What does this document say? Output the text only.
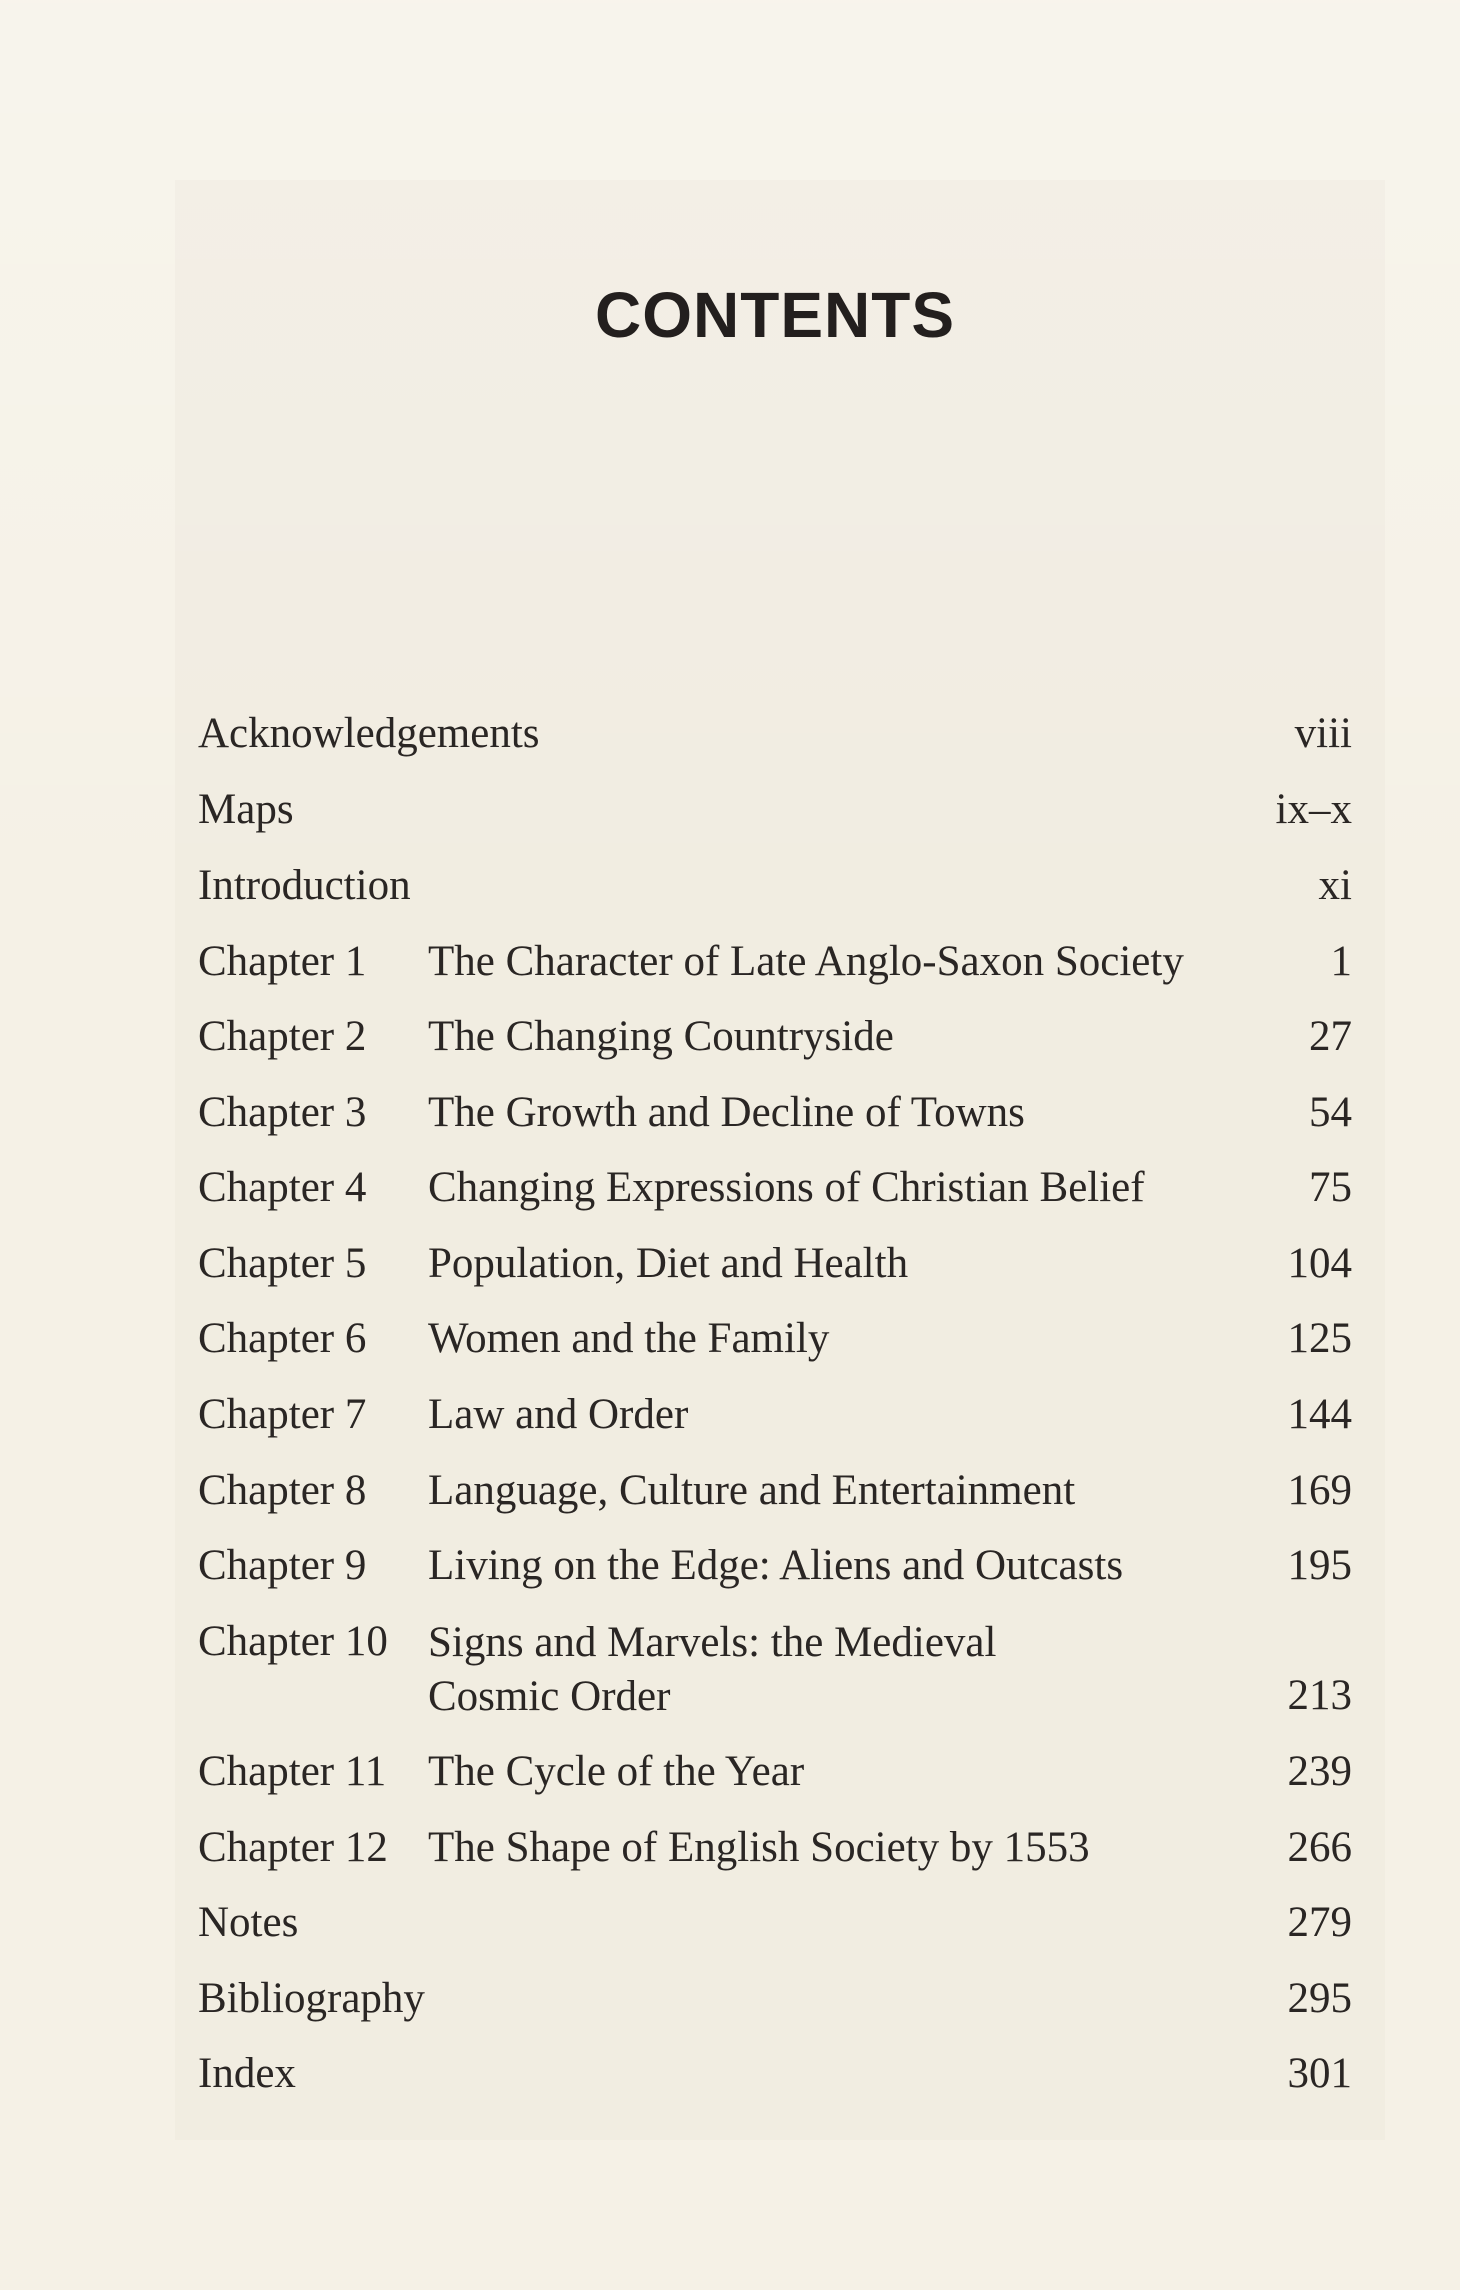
CONTENTS
Acknowledgements	viii
Maps	ix–x
Introduction	xi
Chapter 1 The Character of Late Anglo-Saxon Society	1
Chapter 2 The Changing Countryside	27
Chapter 3 The Growth and Decline of Towns	54
Chapter 4 Changing Expressions of Christian Belief	75
Chapter 5 Population, Diet and Health	104
Chapter 6 Women and the Family	125
Chapter 7 Law and Order	144
Chapter 8 Language, Culture and Entertainment	169
Chapter 9 Living on the Edge: Aliens and Outcasts	195
Chapter 10 Signs and Marvels: the Medieval
Cosmic Order	213
Chapter 11 The Cycle of the Year	239
Chapter 12 The Shape of English Society by 1553	266
Notes	279
Bibliography	295
Index	301
